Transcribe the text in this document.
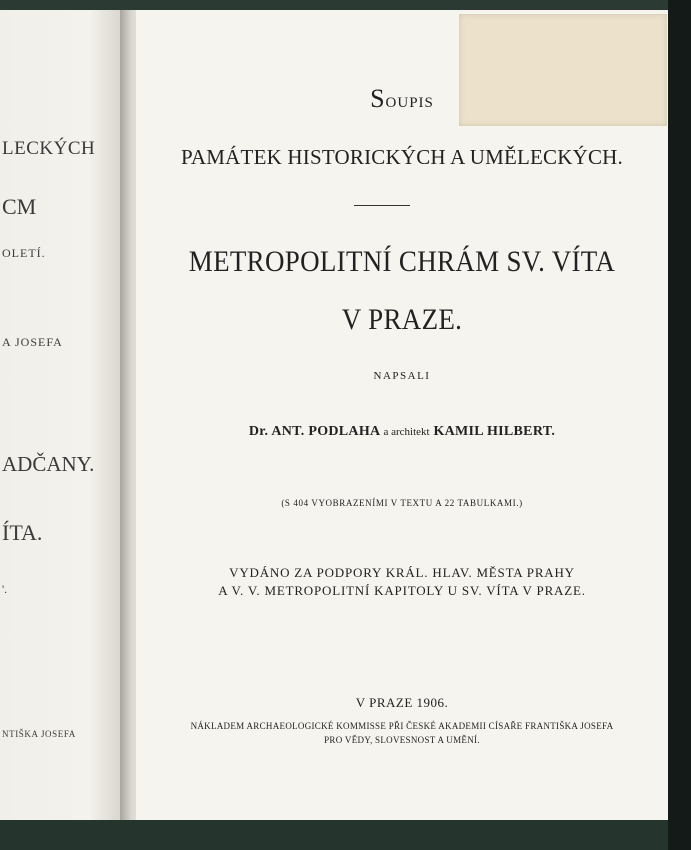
LECKÝCH
CM
OLETÍ.
A JOSEFA
ADČANY.
ÍTA.
'.
NTIŠKA JOSEFA
Soupis
PAMÁTEK HISTORICKÝCH A UMĚLECKÝCH.
METROPOLITNÍ CHRÁM SV. VÍTA
V PRAZE.
NAPSALI
Dr. ANT. PODLAHA a architekt KAMIL HILBERT.
(S 404 VYOBRAZENÍMI V TEXTU A 22 TABULKAMI.)
VYDÁNO ZA PODPORY KRÁL. HLAV. MĚSTA PRAHY
A V. V. METROPOLITNÍ KAPITOLY U SV. VÍTA V PRAZE.
V PRAZE 1906.
NÁKLADEM ARCHAEOLOGICKÉ KOMMISSE PŘI ČESKÉ AKADEMII CÍSAŘE FRANTIŠKA JOSEFA
PRO VĚDY, SLOVESNOST A UMĚNÍ.
